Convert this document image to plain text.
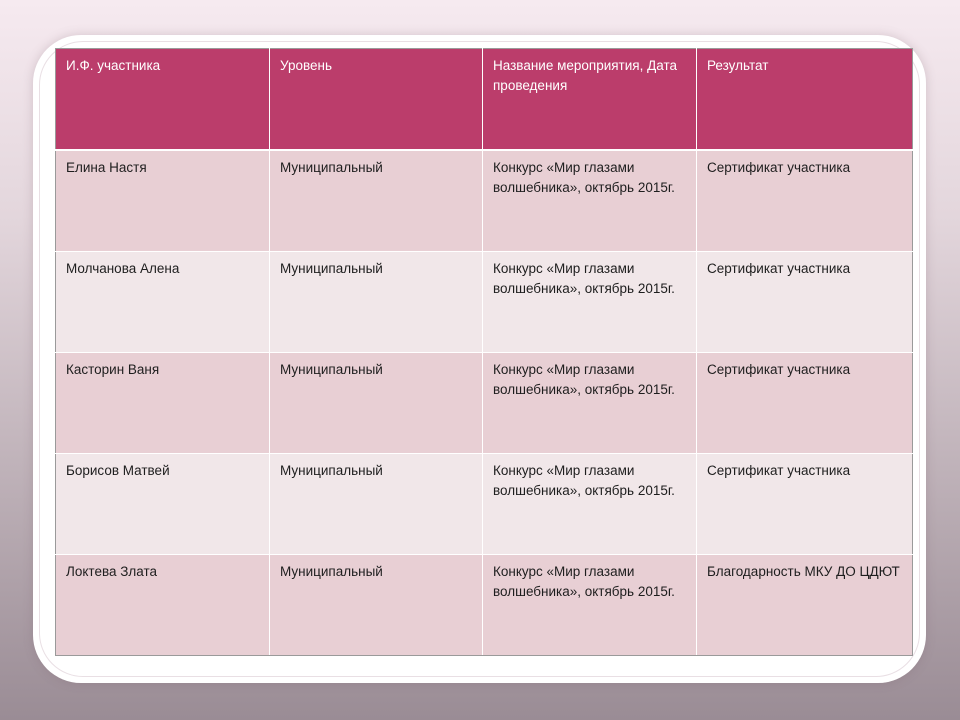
И.Ф. участника	Уровень	Название мероприятия, Дата проведения	Результат
Елина Настя	Муниципальный	Конкурс «Мир глазами волшебника», октябрь 2015г.	Сертификат участника
Молчанова Алена	Муниципальный	Конкурс «Мир глазами волшебника», октябрь 2015г.	Сертификат участника
Касторин Ваня	Муниципальный	Конкурс «Мир глазами волшебника», октябрь 2015г.	Сертификат участника
Борисов Матвей	Муниципальный	Конкурс «Мир глазами волшебника», октябрь 2015г.	Сертификат участника
Локтева Злата	Муниципальный	Конкурс «Мир глазами волшебника», октябрь 2015г.	Благодарность МКУ ДО ЦДЮТ
